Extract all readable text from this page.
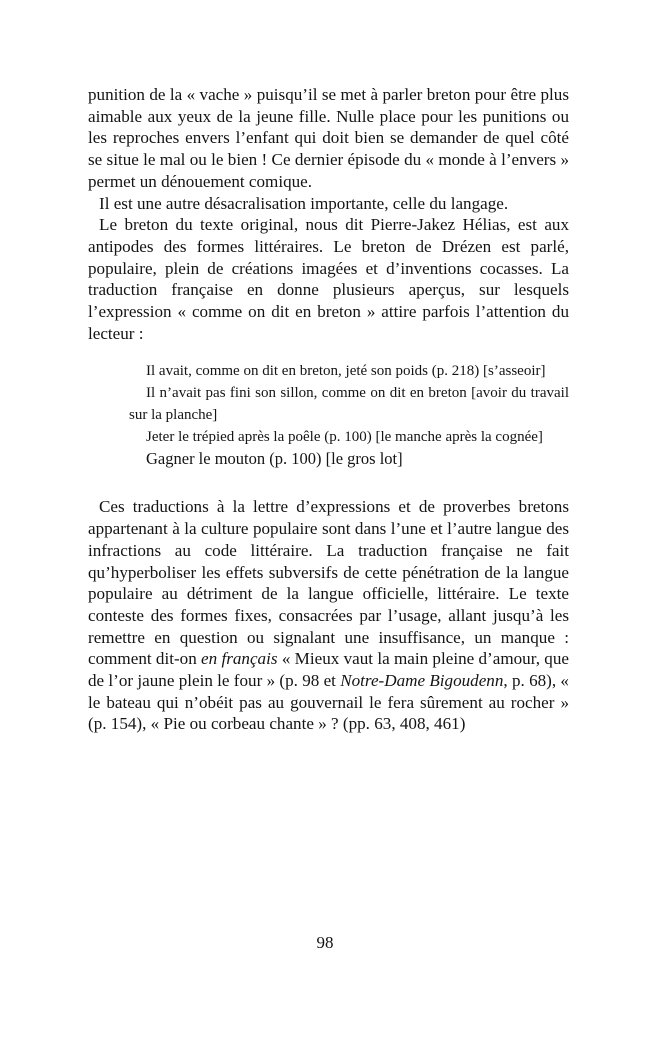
punition de la « vache » puisqu’il se met à parler breton pour être plus aimable aux yeux de la jeune fille. Nulle place pour les punitions ou les reproches envers l’enfant qui doit bien se demander de quel côté se situe le mal ou le bien ! Ce dernier épisode du « monde à l’envers » permet un dénouement comique.

Il est une autre désacralisation importante, celle du langage.

Le breton du texte original, nous dit Pierre-Jakez Hélias, est aux antipodes des formes littéraires. Le breton de Drézen est parlé, populaire, plein de créations imagées et d’inventions cocasses. La traduction française en donne plusieurs aperçus, sur lesquels l’expression « comme on dit en breton » attire parfois l’attention du lecteur :

Il avait, comme on dit en breton, jeté son poids (p. 218) [s’asseoir]

Il n’avait pas fini son sillon, comme on dit en breton [avoir du travail sur la planche]

Jeter le trépied après la poêle (p. 100) [le manche après la cognée]

Gagner le mouton (p. 100) [le gros lot]

Ces traductions à la lettre d’expressions et de proverbes bretons appartenant à la culture populaire sont dans l’une et l’autre langue des infractions au code littéraire. La traduction française ne fait qu’hyperboliser les effets subversifs de cette pénétration de la langue populaire au détriment de la langue officielle, littéraire. Le texte conteste des formes fixes, consacrées par l’usage, allant jusqu’à les remettre en question ou signalant une insuffisance, un manque : comment dit-on en français « Mieux vaut la main pleine d’amour, que de l’or jaune plein le four » (p. 98 et Notre-Dame Bigoudenn, p. 68), « le bateau qui n’obéit pas au gouvernail le fera sûrement au rocher » (p. 154), « Pie ou corbeau chante » ? (pp. 63, 408, 461)

98
